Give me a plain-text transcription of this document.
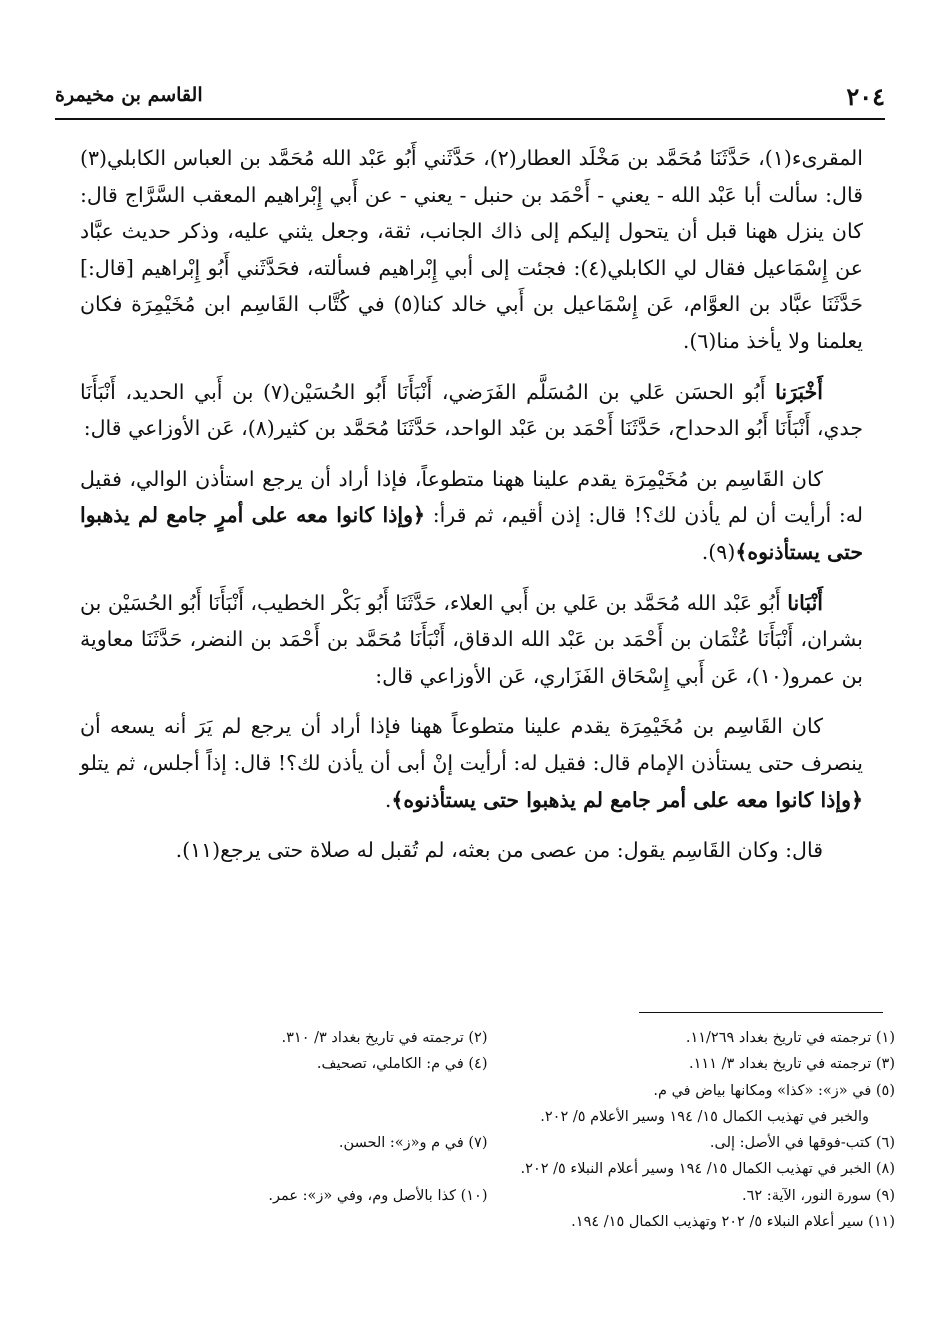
٢٠٤
القاسم بن مخيمرة

المقرىء(١)، حَدَّثَنَا مُحَمَّد بن مَخْلَد العطار(٢)، حَدَّثَني أَبُو عَبْد الله مُحَمَّد بن العباس الكابلي(٣) قال: سألت أبا عَبْد الله - يعني - أَحْمَد بن حنبل - يعني - عن أَبي إِبْراهيم المعقب السَّرَّاج قال: كان ينزل ههنا قبل أن يتحول إليكم إلى ذاك الجانب، ثقة، وجعل يثني عليه، وذكر حديث عبَّاد عن إِسْمَاعيل فقال لي الكابلي(٤): فجئت إلى أبي إِبْراهيم فسألته، فحَدَّثَني أَبُو إِبْراهيم [قال:] حَدَّثَنَا عبَّاد بن العوَّام، عَن إِسْمَاعيل بن أَبي خالد كنا(٥) في كُتَّاب القَاسِم ابن مُخَيْمِرَة فكان يعلمنا ولا يأخذ منا(٦).

أَخْبَرَنا أَبُو الحسَن عَلي بن المُسَلَّم الفَرَضي، أَنْبَأَنَا أَبُو الحُسَيْن(٧) بن أَبي الحديد، أَنْبَأَنَا جدي، أَنْبَأَنَا أَبُو الدحداح، حَدَّثَنَا أَحْمَد بن عَبْد الواحد، حَدَّثَنَا مُحَمَّد بن كثير(٨)، عَن الأوزاعي قال:

كان القَاسِم بن مُخَيْمِرَة يقدم علينا ههنا متطوعاً، فإذا أراد أن يرجع استأذن الوالي، فقيل له: أرأيت أن لم يأذن لك؟! قال: إذن أقيم، ثم قرأ: ﴿وإذا كانوا معه على أمرٍ جامع لم يذهبوا حتى يستأذنوه﴾(٩).

أَنْبَانا أَبُو عَبْد الله مُحَمَّد بن عَلي بن أَبي العلاء، حَدَّثَنَا أَبُو بَكْر الخطيب، أَنْبَأَنَا أَبُو الحُسَيْن بن بشران، أَنْبَأَنَا عُثْمَان بن أَحْمَد بن عَبْد الله الدقاق، أَنْبَأَنَا مُحَمَّد بن أَحْمَد بن النضر، حَدَّثَنَا معاوية بن عمرو(١٠)، عَن أَبي إِسْحَاق الفَزَاري، عَن الأوزاعي قال:

كان القَاسِم بن مُخَيْمِرَة يقدم علينا متطوعاً ههنا فإذا أراد أن يرجع لم يَرَ أنه يسعه أن ينصرف حتى يستأذن الإمام قال: فقيل له: أرأيت إنْ أبى أن يأذن لك؟! قال: إذاً أجلس، ثم يتلو ﴿وإذا كانوا معه على أمر جامع لم يذهبوا حتى يستأذنوه﴾.

قال: وكان القَاسِم يقول: من عصى من بعثه، لم تُقبل له صلاة حتى يرجع(١١).

(١) ترجمته في تاريخ بغداد ١١/٢٦٩.
(٢) ترجمته في تاريخ بغداد ٣/ ٣١٠.
(٣) ترجمته في تاريخ بغداد ٣/ ١١١.
(٤) في م: الكاملي، تصحيف.
(٥) في «ز»: «كذا» ومكانها بياض في م.
والخبر في تهذيب الكمال ١٥/ ١٩٤ وسير الأعلام ٥/ ٢٠٢.
(٦) كتب-فوقها في الأصل: إلى.
(٧) في م و«ز»: الحسن.
(٨) الخبر في تهذيب الكمال ١٥/ ١٩٤ وسير أعلام النبلاء ٥/ ٢٠٢.
(٩) سورة النور، الآية: ٦٢.
(١٠) كذا بالأصل وم، وفي «ز»: عمر.
(١١) سير أعلام النبلاء ٥/ ٢٠٢ وتهذيب الكمال ١٥/ ١٩٤.
